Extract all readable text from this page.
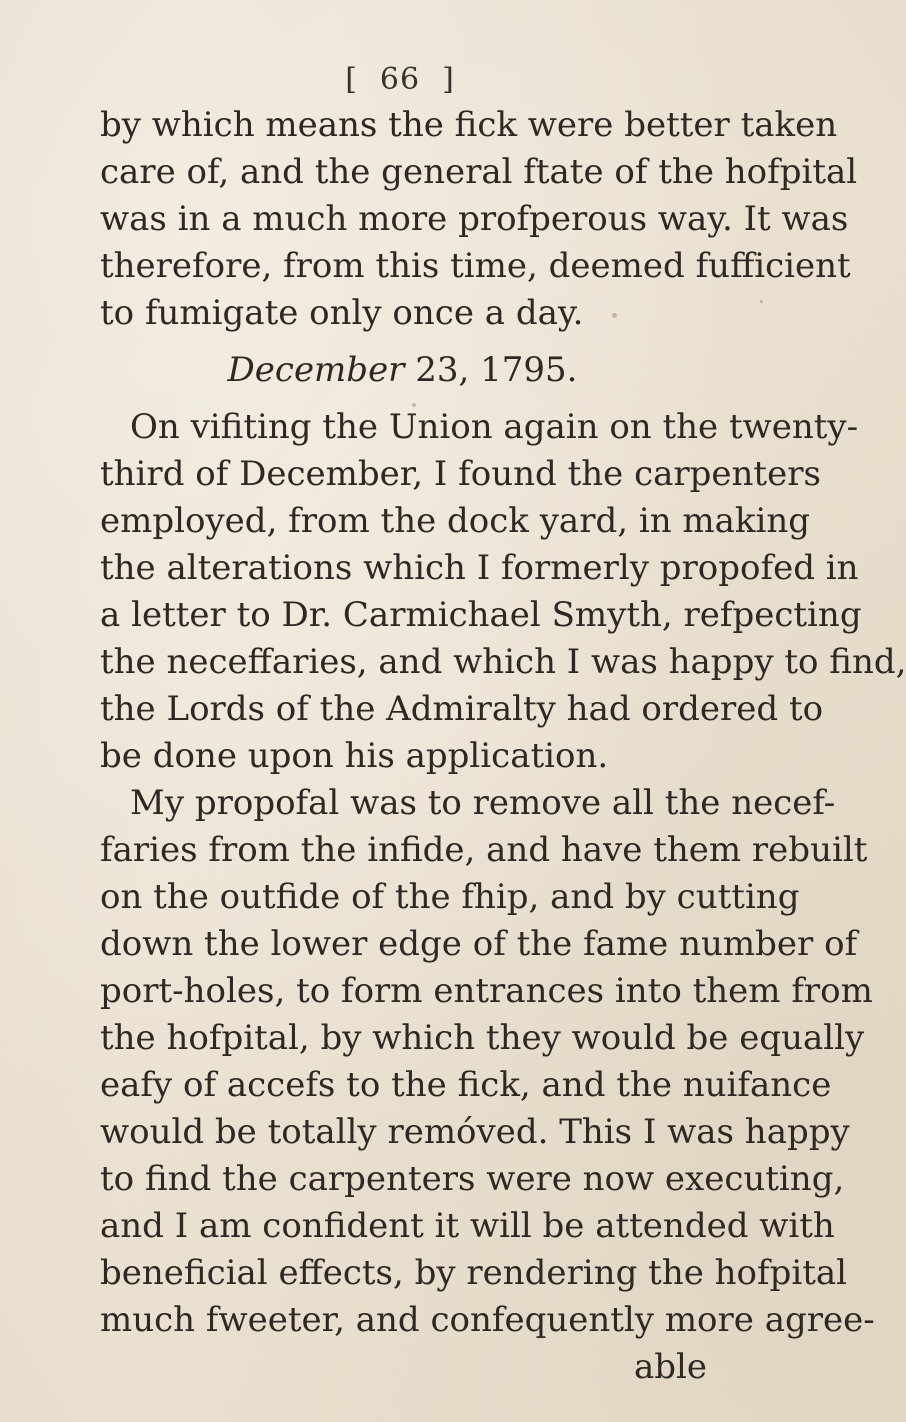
[ 66 ]
by which means the fick were better taken
care of, and the general ftate of the hofpital
was in a much more profperous way. It was
therefore, from this time, deemed fufficient
to fumigate only once a day.
December 23, 1795.
On vifiting the Union again on the twenty-
third of December, I found the carpenters
employed, from the dock yard, in making
the alterations which I formerly propofed in
a letter to Dr. Carmichael Smyth, refpecting
the neceffaries, and which I was happy to find,
the Lords of the Admiralty had ordered to
be done upon his application.
My propofal was to remove all the necef-
faries from the infide, and have them rebuilt
on the outfide of the fhip, and by cutting
down the lower edge of the fame number of
port-holes, to form entrances into them from
the hofpital, by which they would be equally
eafy of accefs to the fick, and the nuifance
would be totally remóved. This I was happy
to find the carpenters were now executing,
and I am confident it will be attended with
beneficial effects, by rendering the hofpital
much fweeter, and confequently more agree-
able
